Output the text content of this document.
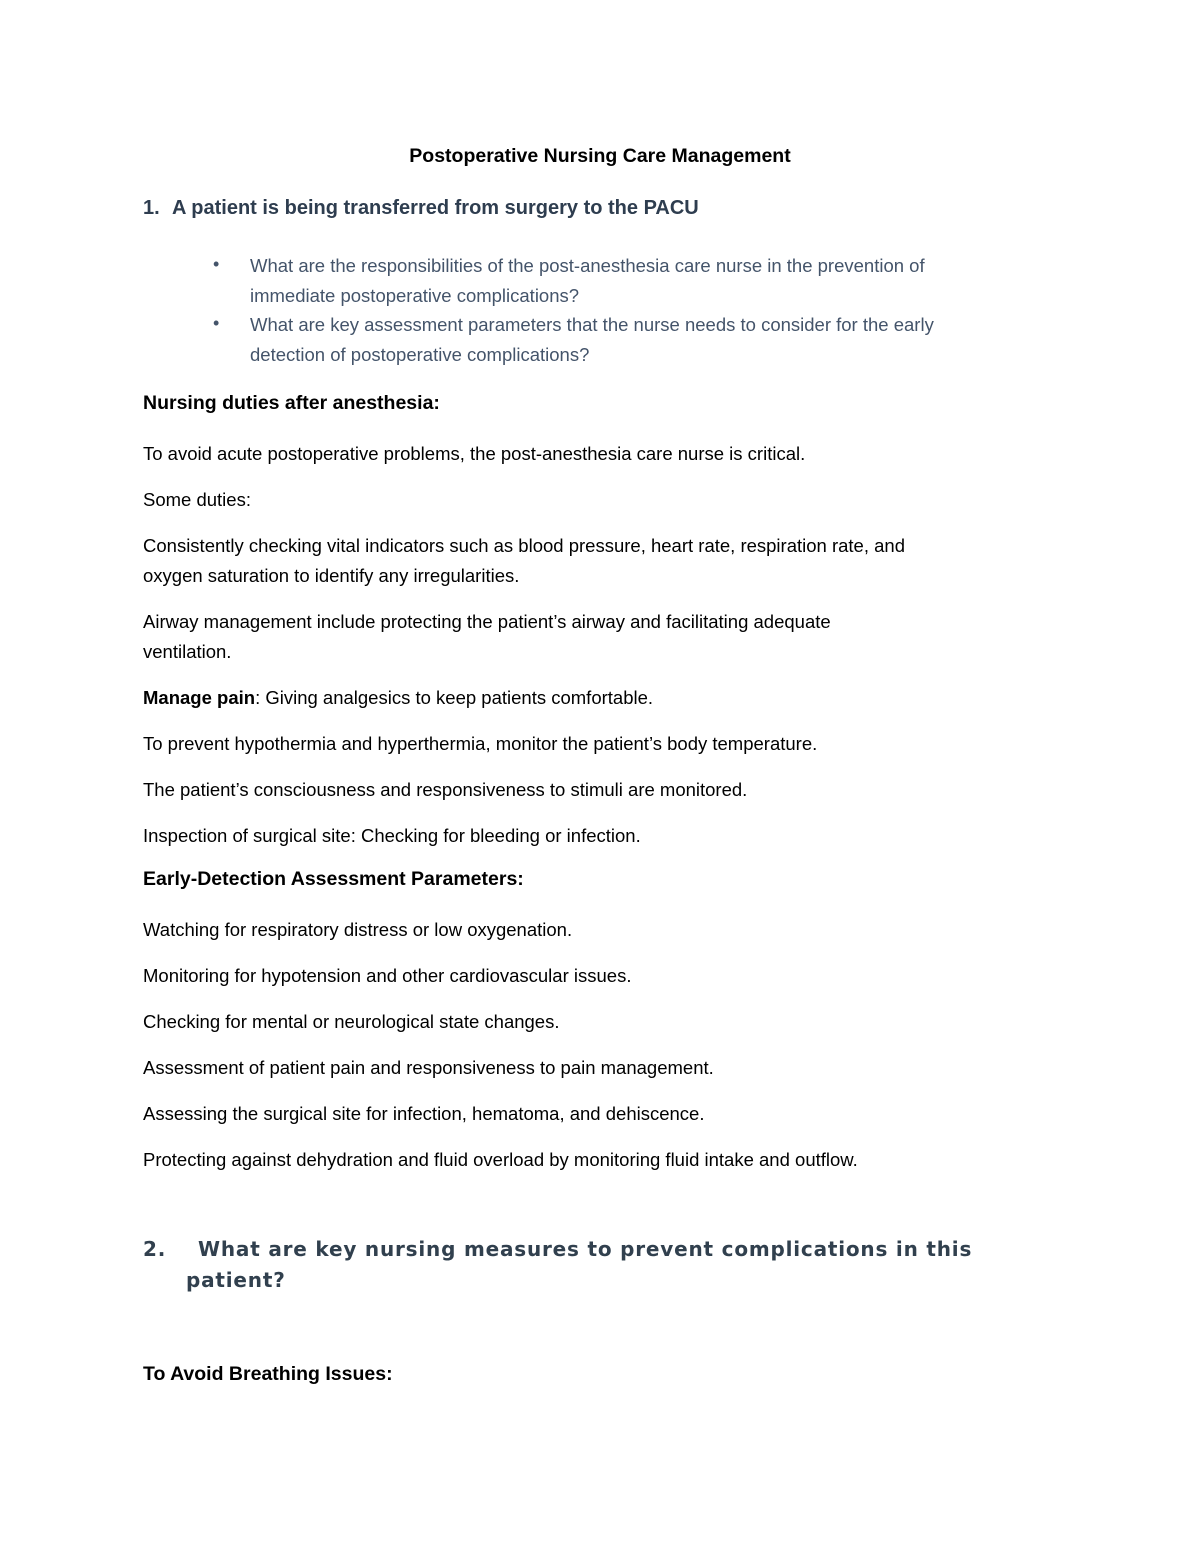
Postoperative Nursing Care Management
1. A patient is being transferred from surgery to the PACU
• What are the responsibilities of the post-anesthesia care nurse in the prevention of
immediate postoperative complications?
• What are key assessment parameters that the nurse needs to consider for the early
detection of postoperative complications?
Nursing duties after anesthesia:

To avoid acute postoperative problems, the post-anesthesia care nurse is critical.

Some duties:

Consistently checking vital indicators such as blood pressure, heart rate, respiration rate, and
oxygen saturation to identify any irregularities.

Airway management include protecting the patient’s airway and facilitating adequate
ventilation.

Manage pain: Giving analgesics to keep patients comfortable.

To prevent hypothermia and hyperthermia, monitor the patient’s body temperature.

The patient’s consciousness and responsiveness to stimuli are monitored.

Inspection of surgical site: Checking for bleeding or infection.

Early-Detection Assessment Parameters:

Watching for respiratory distress or low oxygenation.

Monitoring for hypotension and other cardiovascular issues.

Checking for mental or neurological state changes.

Assessment of patient pain and responsiveness to pain management.

Assessing the surgical site for infection, hematoma, and dehiscence.

Protecting against dehydration and fluid overload by monitoring fluid intake and outflow.

2.	What are key nursing measures to prevent complications in this
patient?
To Avoid Breathing Issues:
